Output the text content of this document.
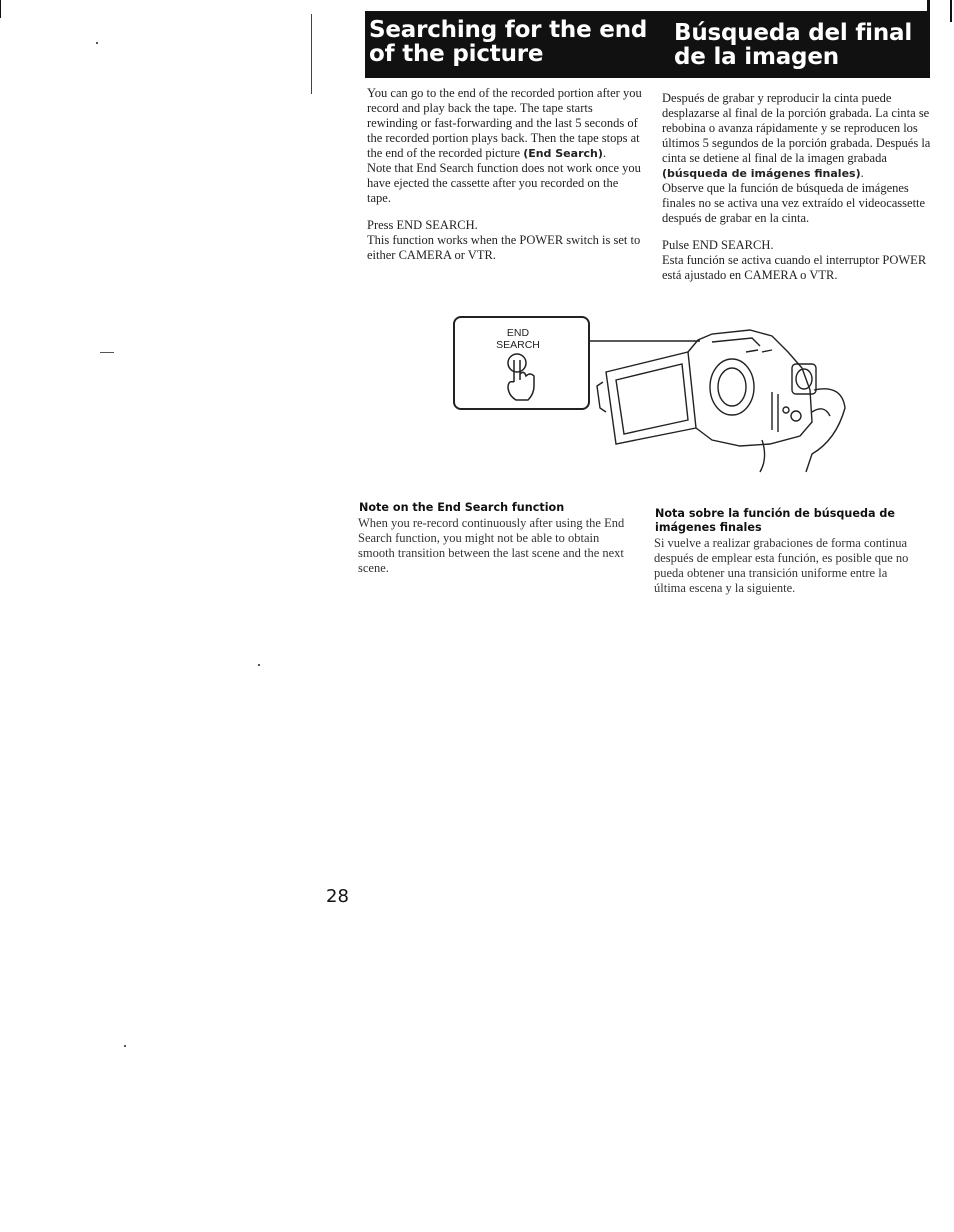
Searching for the end
of the picture
Búsqueda del final
de la imagen

You can go to the end of the recorded portion after you record and play back the tape. The tape starts rewinding or fast-forwarding and the last 5 seconds of the recorded portion plays back. Then the tape stops at the end of the recorded picture (End Search).

Note that End Search function does not work once you have ejected the cassette after you recorded on the tape.

Press END SEARCH.

This function works when the POWER switch is set to either CAMERA or VTR.

Después de grabar y reproducir la cinta puede desplazarse al final de la porción grabada. La cinta se rebobina o avanza rápidamente y se reproducen los últimos 5 segundos de la porción grabada. Después la cinta se detiene al final de la imagen grabada (búsqueda de imágenes finales).

Observe que la función de búsqueda de imágenes finales no se activa una vez extraído el videocassette después de grabar en la cinta.

Pulse END SEARCH.

Esta función se activa cuando el interruptor POWER está ajustado en CAMERA o VTR.

END
SEARCH

Note on the End Search function

When you re-record continuously after using the End Search function, you might not be able to obtain smooth transition between the last scene and the next scene.

Nota sobre la función de búsqueda de imágenes finales

Si vuelve a realizar grabaciones de forma continua después de emplear esta función, es posible que no pueda obtener una transición uniforme entre la última escena y la siguiente.

28
